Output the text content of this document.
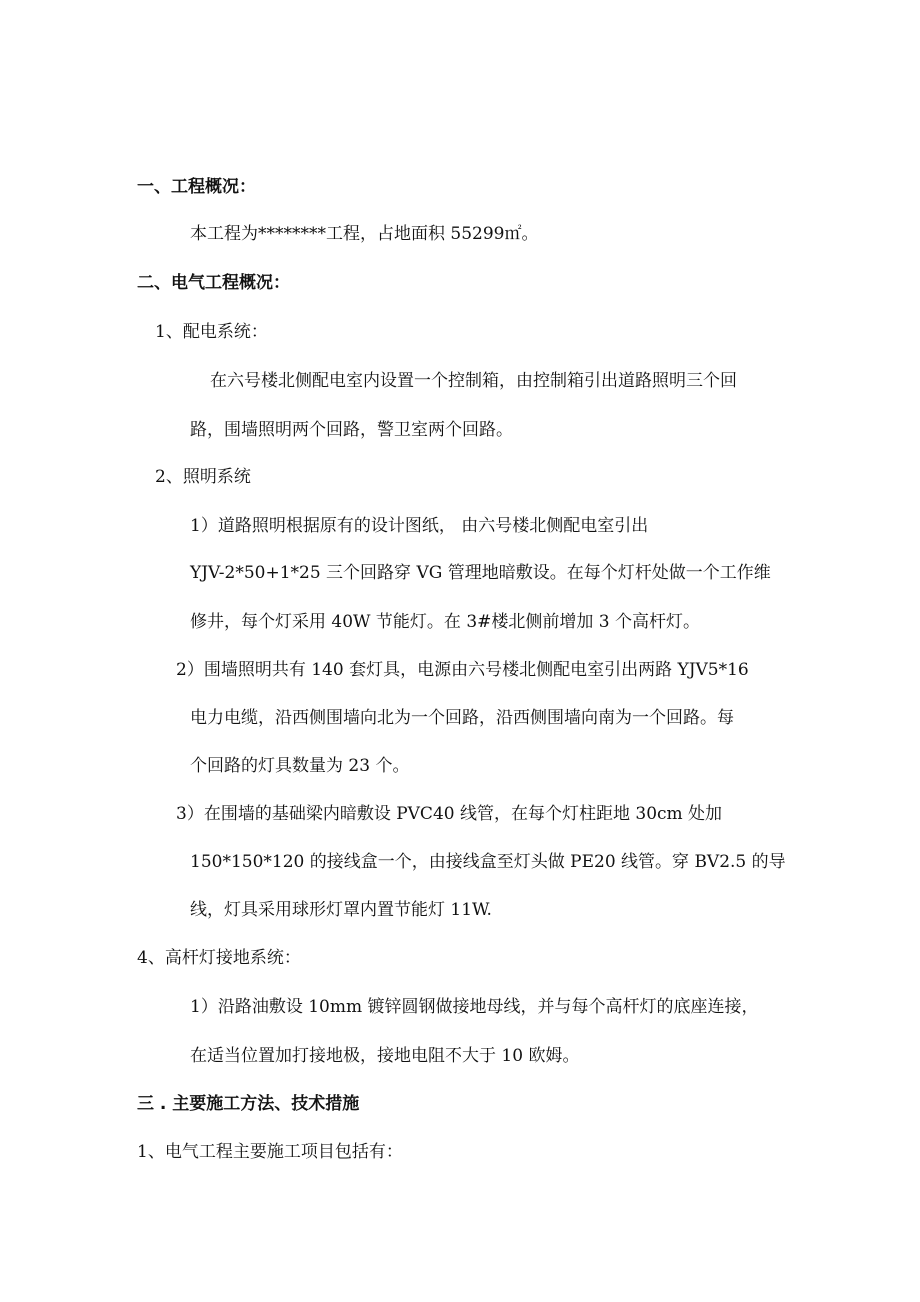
一、工程概况：
本工程为********工程，占地面积 55299㎡。
二、电气工程概况：
1、配电系统：
在六号楼北侧配电室内设置一个控制箱，由控制箱引出道路照明三个回
路，围墙照明两个回路，警卫室两个回路。
2、照明系统
1）道路照明根据原有的设计图纸， 由六号楼北侧配电室引出
YJV-2*50+1*25 三个回路穿 VG 管理地暗敷设。在每个灯杆处做一个工作维
修井，每个灯采用 40W 节能灯。在 3#楼北侧前增加 3 个高杆灯。
2）围墙照明共有 140 套灯具，电源由六号楼北侧配电室引出两路 YJV5*16
电力电缆，沿西侧围墙向北为一个回路，沿西侧围墙向南为一个回路。每
个回路的灯具数量为 23 个。
3）在围墙的基础梁内暗敷设 PVC40 线管，在每个灯柱距地 30cm 处加
150*150*120 的接线盒一个，由接线盒至灯头做 PE20 线管。穿 BV2.5 的导
线，灯具采用球形灯罩内置节能灯 11W.
4、高杆灯接地系统：
1）沿路油敷设 10mm 镀锌圆钢做接地母线，并与每个高杆灯的底座连接，
在适当位置加打接地极，接地电阻不大于 10 欧姆。
三 . 主要施工方法、技术措施
1、电气工程主要施工项目包括有：
